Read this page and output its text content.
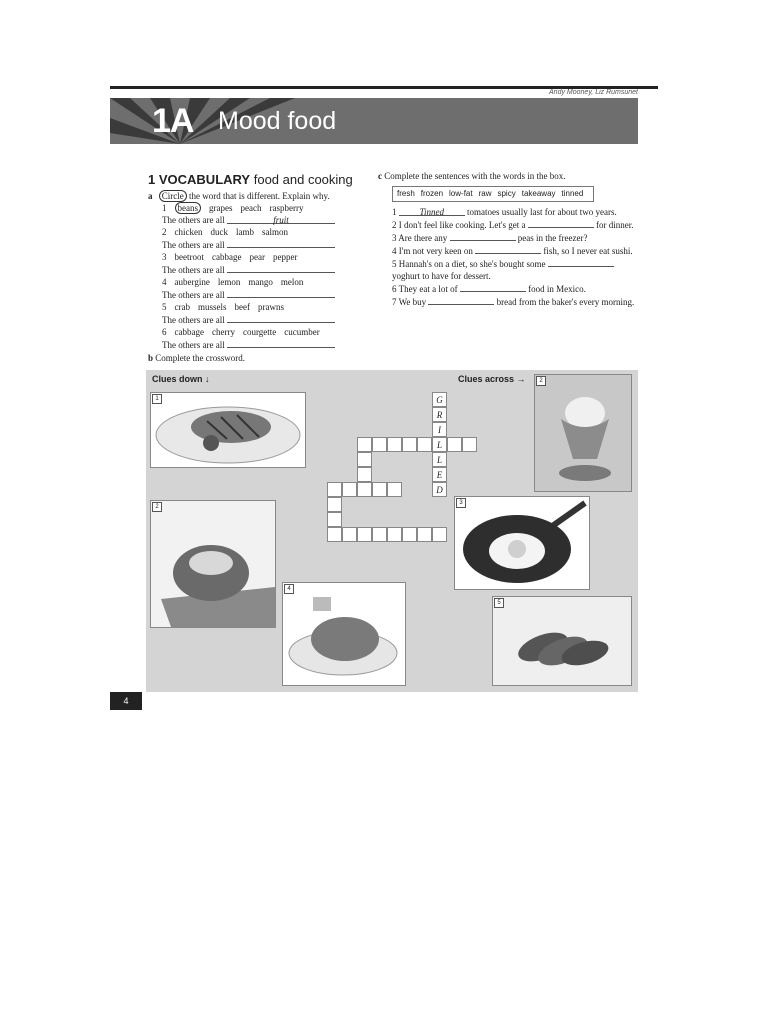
Andy Mooney, Liz Rumsunet
1A Mood food
1 VOCABULARY food and cooking
a Circle the word that is different. Explain why.
1 beans grapes peach raspberry
The others are all	fruit
2 chicken duck lamb salmon
The others are all
3 beetroot cabbage pear pepper
The others are all
4 aubergine lemon mango melon
The others are all
5 crab mussels beef prawns
The others are all
6 cabbage cherry courgette cucumber
The others are all
c Complete the sentences with the words in the box.
fresh frozen low-fat raw spicy takeaway tinned
1	Tinned	tomatoes usually last for about two years.
2 I don't feel like cooking. Let's get a	for dinner.
3 Are there any	peas in the freezer?
4 I'm not very keen on	fish, so I never eat sushi.
5 Hannah's on a diet, so she's bought some  yoghurt to have for dessert.
6 They eat a lot of	food in Mexico.
7 We buy	bread from the baker's every morning.
b Complete the crossword.
Clues down ↓	Clues across →
1
2
3
4
5
2
G
R
I
L
L
E
D
4
